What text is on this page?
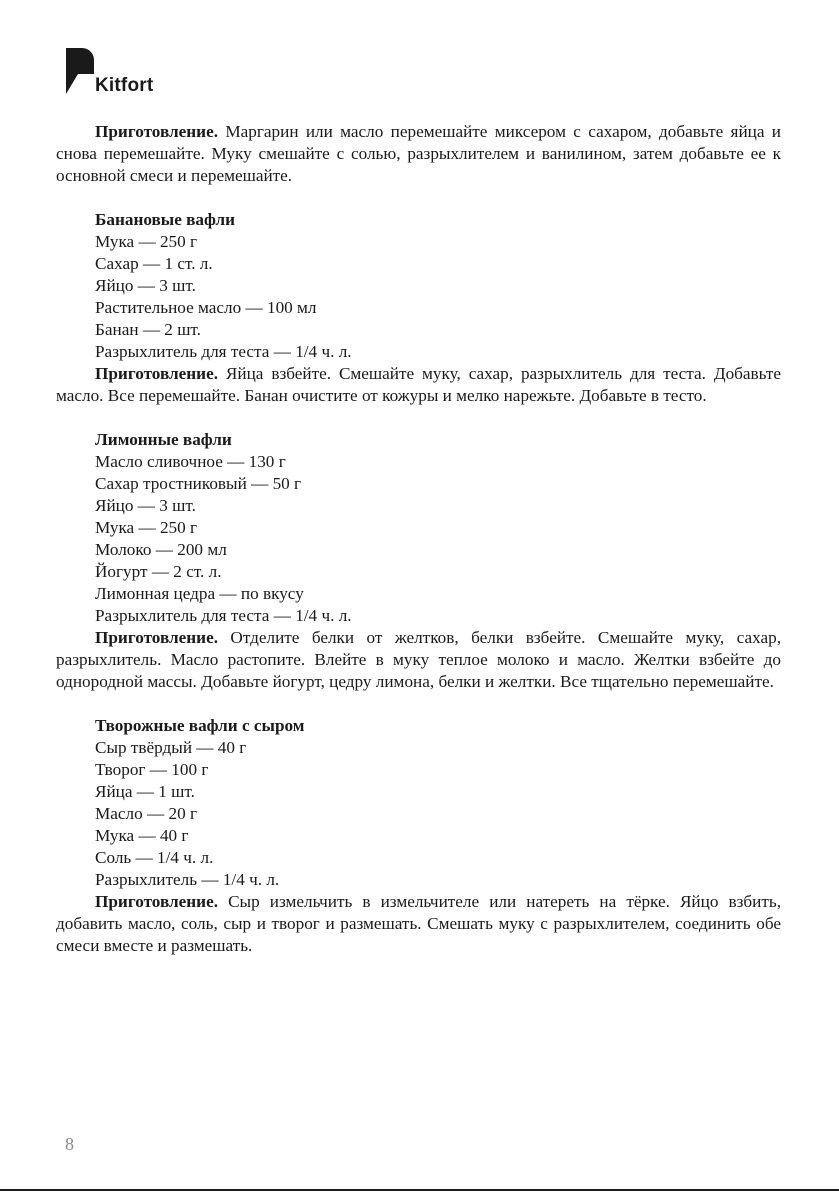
Kitfort

Приготовление. Маргарин или масло перемешайте миксером с сахаром, добавьте яйца и снова перемешайте. Муку смешайте с солью, разрыхлителем и ванилином, затем добавьте ее к основной смеси и перемешайте.

Банановые вафли
Мука — 250 г
Сахар — 1 ст. л.
Яйцо — 3 шт.
Растительное масло — 100 мл
Банан — 2 шт.
Разрыхлитель для теста — 1/4 ч. л.

Приготовление. Яйца взбейте. Смешайте муку, сахар, разрыхлитель для теста. Добавьте масло. Все перемешайте. Банан очистите от кожуры и мелко нарежьте. Добавьте в тесто.

Лимонные вафли
Масло сливочное — 130 г
Сахар тростниковый — 50 г
Яйцо — 3 шт.
Мука — 250 г
Молоко — 200 мл
Йогурт — 2 ст. л.
Лимонная цедра — по вкусу
Разрыхлитель для теста — 1/4 ч. л.

Приготовление. Отделите белки от желтков, белки взбейте. Смешайте муку, сахар, разрыхлитель. Масло растопите. Влейте в муку теплое молоко и масло. Желтки взбейте до однородной массы. Добавьте йогурт, цедру лимона, белки и желтки. Все тщательно перемешайте.

Творожные вафли с сыром
Сыр твёрдый — 40 г
Творог — 100 г
Яйца — 1 шт.
Масло — 20 г
Мука — 40 г
Соль — 1/4 ч. л.
Разрыхлитель — 1/4 ч. л.

Приготовление. Сыр измельчить в измельчителе или натереть на тёрке. Яйцо взбить, добавить масло, соль, сыр и творог и размешать. Смешать муку с разрыхлителем, соединить обе смеси вместе и размешать.

8
